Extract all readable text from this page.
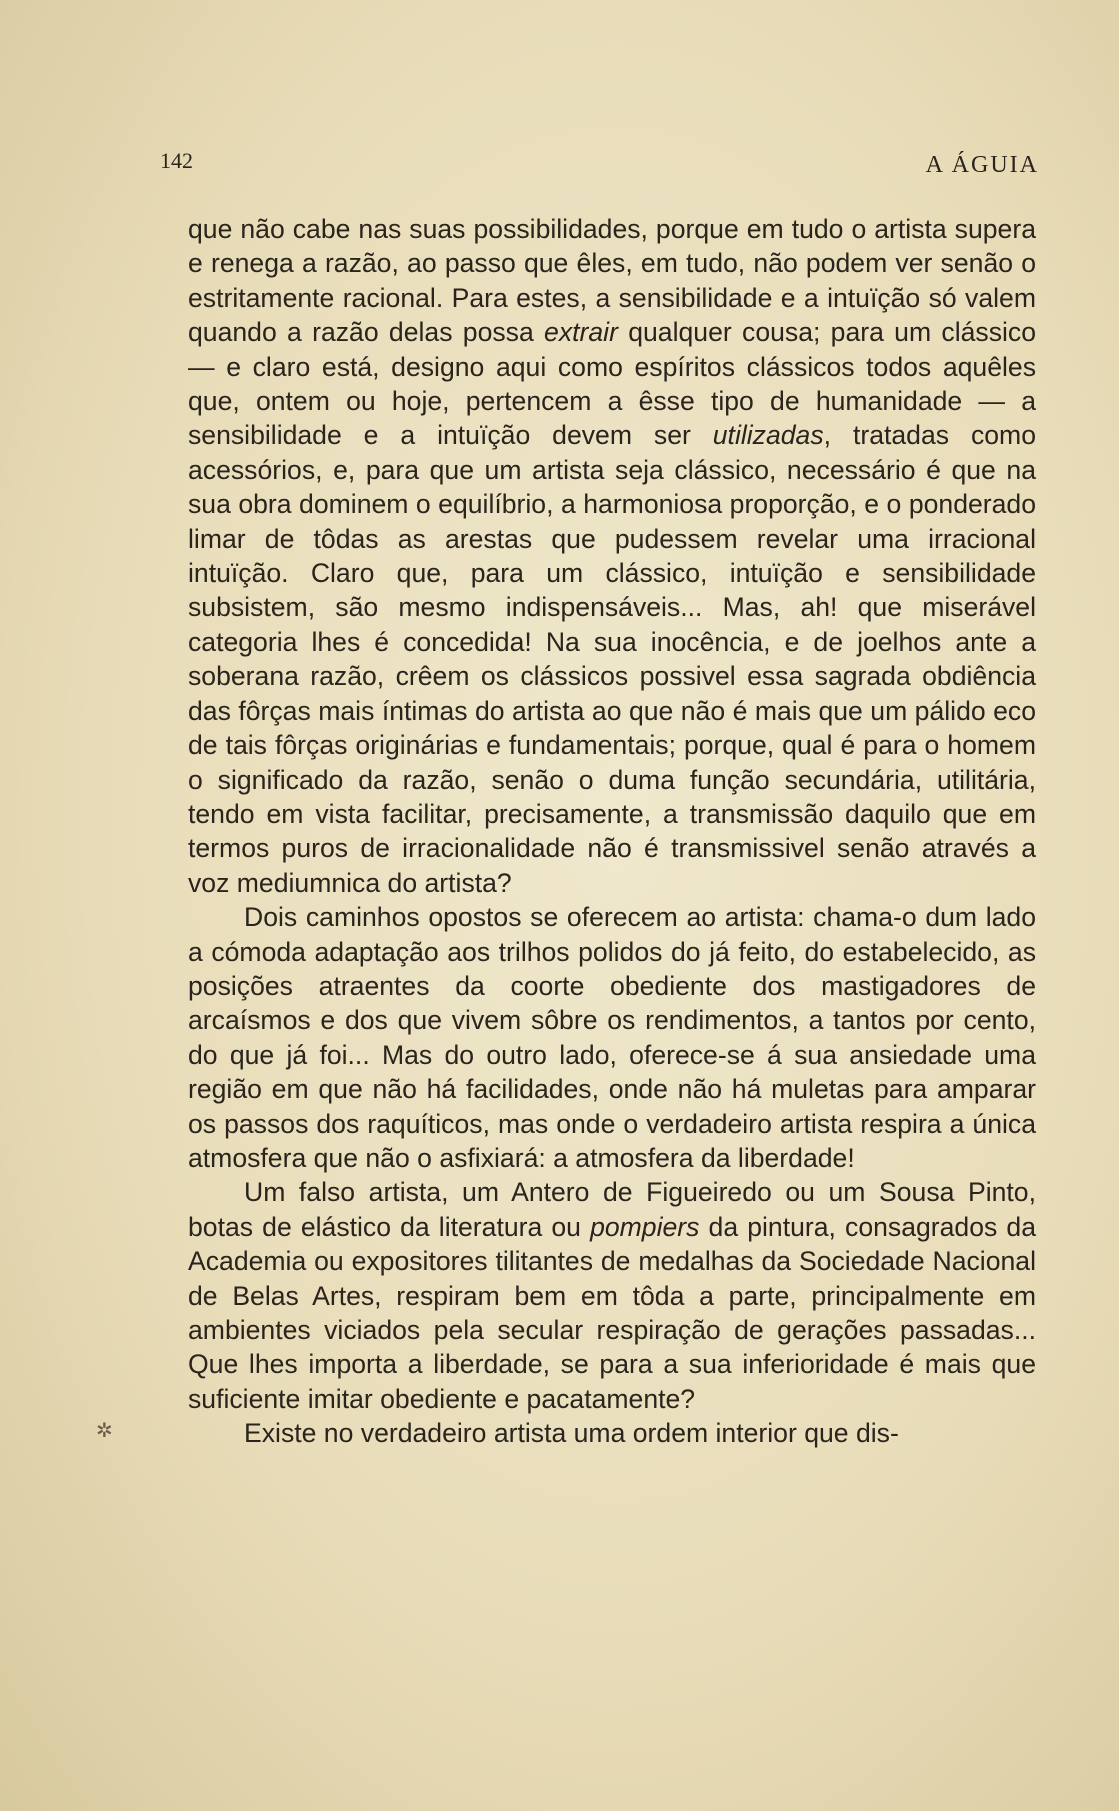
142	A ÁGUIA

que não cabe nas suas possibilidades, porque em tudo o artista supera e renega a razão, ao passo que êles, em tudo, não podem ver senão o estritamente racional. Para estes, a sensibilidade e a intuïção só valem quando a razão delas possa extrair qualquer cousa; para um clássico — e claro está, designo aqui como espíritos clássicos todos aquêles que, ontem ou hoje, pertencem a êsse tipo de humanidade — a sensibilidade e a intuïção devem ser utilizadas, tratadas como acessórios, e, para que um artista seja clássico, necessário é que na sua obra dominem o equilíbrio, a harmoniosa proporção, e o ponderado limar de tôdas as arestas que pudessem revelar uma irracional intuïção. Claro que, para um clássico, intuïção e sensibilidade subsistem, são mesmo indispensáveis... Mas, ah! que miserável categoria lhes é concedida! Na sua inocência, e de joelhos ante a soberana razão, crêem os clássicos possivel essa sagrada obdiência das fôrças mais íntimas do artista ao que não é mais que um pálido eco de tais fôrças originárias e fundamentais; porque, qual é para o homem o significado da razão, senão o duma função secundária, utilitária, tendo em vista facilitar, precisamente, a transmissão daquilo que em termos puros de irracionalidade não é transmissivel senão através a voz mediumnica do artista?

Dois caminhos opostos se oferecem ao artista: chama-o dum lado a cómoda adaptação aos trilhos polidos do já feito, do estabelecido, as posições atraentes da coorte obediente dos mastigadores de arcaísmos e dos que vivem sôbre os rendimentos, a tantos por cento, do que já foi... Mas do outro lado, oferece-se á sua ansiedade uma região em que não há facilidades, onde não há muletas para amparar os passos dos raquíticos, mas onde o verdadeiro artista respira a única atmosfera que não o asfixiará: a atmosfera da liberdade!

Um falso artista, um Antero de Figueiredo ou um Sousa Pinto, botas de elástico da literatura ou pompiers da pintura, consagrados da Academia ou expositores tilitantes de medalhas da Sociedade Nacional de Belas Artes, respiram bem em tôda a parte, principalmente em ambientes viciados pela secular respiração de gerações passadas... Que lhes importa a liberdade, se para a sua inferioridade é mais que suficiente imitar obediente e pacatamente?

Existe no verdadeiro artista uma ordem interior que dis-

✲
